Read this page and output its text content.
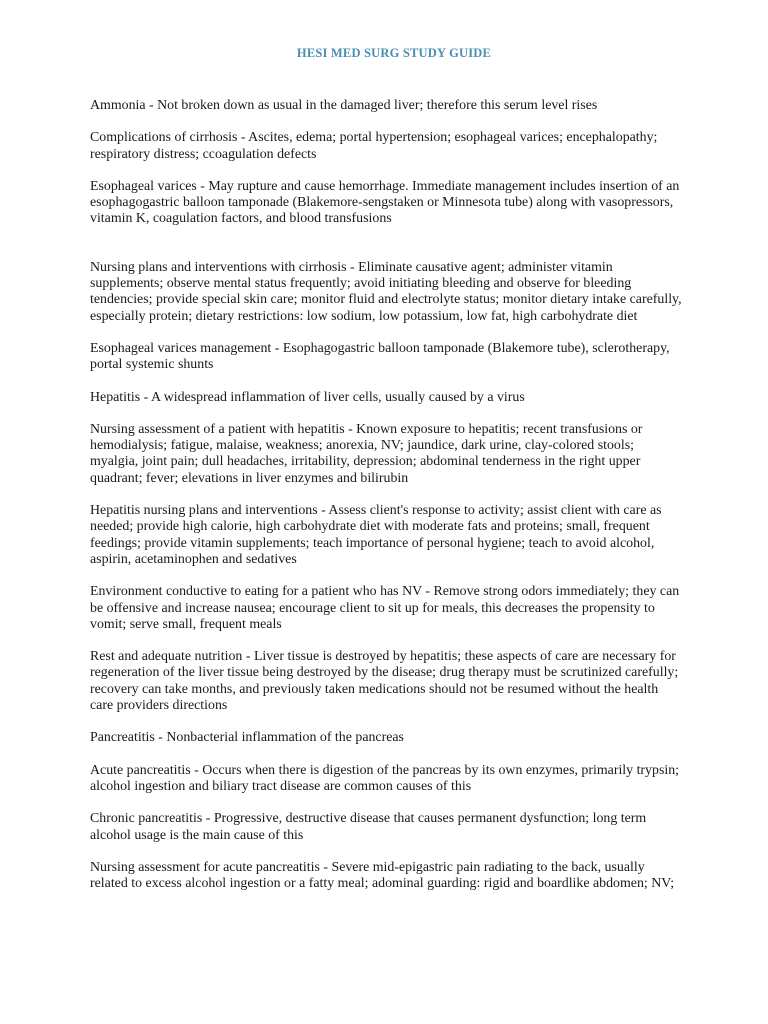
HESI MED SURG STUDY GUIDE

Ammonia - Not broken down as usual in the damaged liver; therefore this serum level rises

Complications of cirrhosis - Ascites, edema; portal hypertension; esophageal varices; encephalopathy; respiratory distress; ccoagulation defects

Esophageal varices - May rupture and cause hemorrhage. Immediate management includes insertion of an esophagogastric balloon tamponade (Blakemore-sengstaken or Minnesota tube) along with vasopressors, vitamin K, coagulation factors, and blood transfusions

Nursing plans and interventions with cirrhosis - Eliminate causative agent; administer vitamin supplements; observe mental status frequently; avoid initiating bleeding and observe for bleeding tendencies; provide special skin care; monitor fluid and electrolyte status; monitor dietary intake carefully, especially protein; dietary restrictions: low sodium, low potassium, low fat, high carbohydrate diet

Esophageal varices management - Esophagogastric balloon tamponade (Blakemore tube), sclerotherapy, portal systemic shunts

Hepatitis - A widespread inflammation of liver cells, usually caused by a virus

Nursing assessment of a patient with hepatitis - Known exposure to hepatitis; recent transfusions or hemodialysis; fatigue, malaise, weakness; anorexia, NV; jaundice, dark urine, clay-colored stools; myalgia, joint pain; dull headaches, irritability, depression; abdominal tenderness in the right upper quadrant; fever; elevations in liver enzymes and bilirubin

Hepatitis nursing plans and interventions - Assess client's response to activity; assist client with care as needed; provide high calorie, high carbohydrate diet with moderate fats and proteins; small, frequent feedings; provide vitamin supplements; teach importance of personal hygiene; teach to avoid alcohol, aspirin, acetaminophen and sedatives

Environment conductive to eating for a patient who has NV - Remove strong odors immediately; they can be offensive and increase nausea; encourage client to sit up for meals, this decreases the propensity to vomit; serve small, frequent meals

Rest and adequate nutrition - Liver tissue is destroyed by hepatitis; these aspects of care are necessary for regeneration of the liver tissue being destroyed by the disease; drug therapy must be scrutinized carefully; recovery can take months, and previously taken medications should not be resumed without the health care providers directions

Pancreatitis - Nonbacterial inflammation of the pancreas

Acute pancreatitis - Occurs when there is digestion of the pancreas by its own enzymes, primarily trypsin; alcohol ingestion and biliary tract disease are common causes of this

Chronic pancreatitis - Progressive, destructive disease that causes permanent dysfunction; long term alcohol usage is the main cause of this

Nursing assessment for acute pancreatitis - Severe mid-epigastric pain radiating to the back, usually related to excess alcohol ingestion or a fatty meal; adominal guarding: rigid and boardlike abdomen; NV;
